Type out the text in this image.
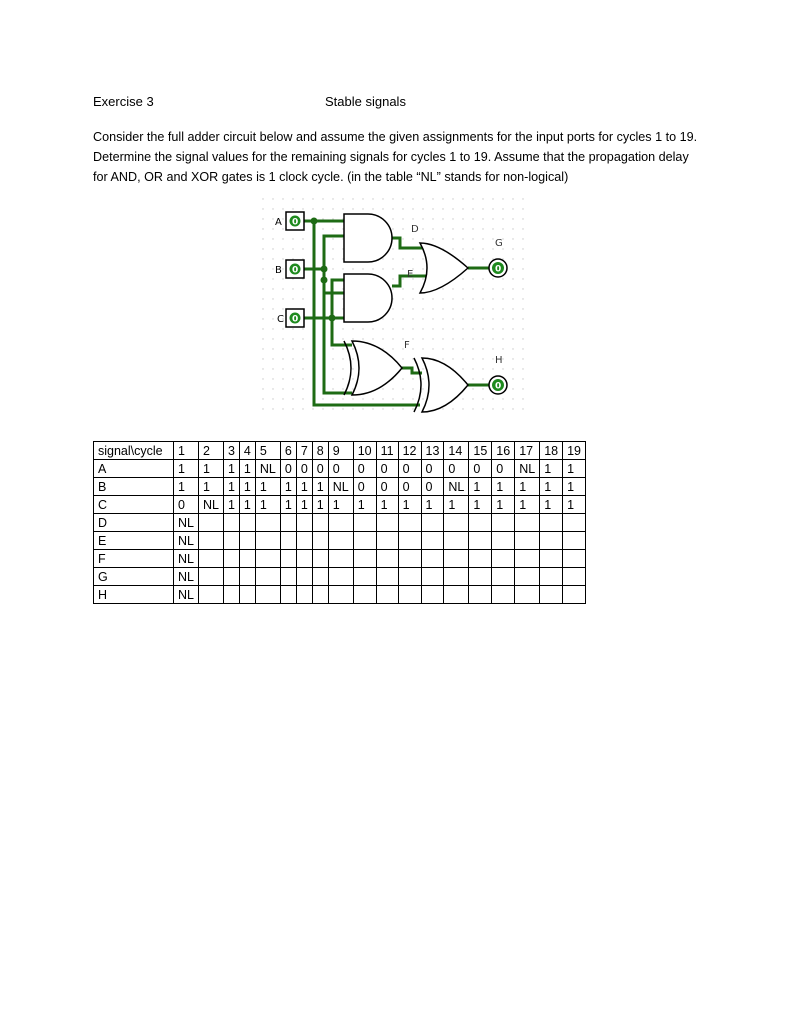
Exercise 3	Stable signals
Consider the full adder circuit below and assume the given assignments for the input ports for cycles 1 to 19. Determine the signal values for the remaining signals for cycles 1 to 19. Assume that the propagation delay for AND, OR and XOR gates is 1 clock cycle. (in the table “NL” stands for non-logical)
A 0
B 0
C 0
G
0
H
0
D
E
F
signal\cycle	1	2	3	4	5	6	7	8	9	10	11	12	13	14	15	16	17	18	19
A	1	1	1	1	NL	0	0	0	0	0	0	0	0	0	0	0	NL	1	1
B	1	1	1	1	1	1	1	1	NL	0	0	0	0	NL	1	1	1	1	1
C	0	NL	1	1	1	1	1	1	1	1	1	1	1	1	1	1	1	1	1
D	NL																		
E	NL																		
F	NL																		
G	NL																		
H	NL																		
